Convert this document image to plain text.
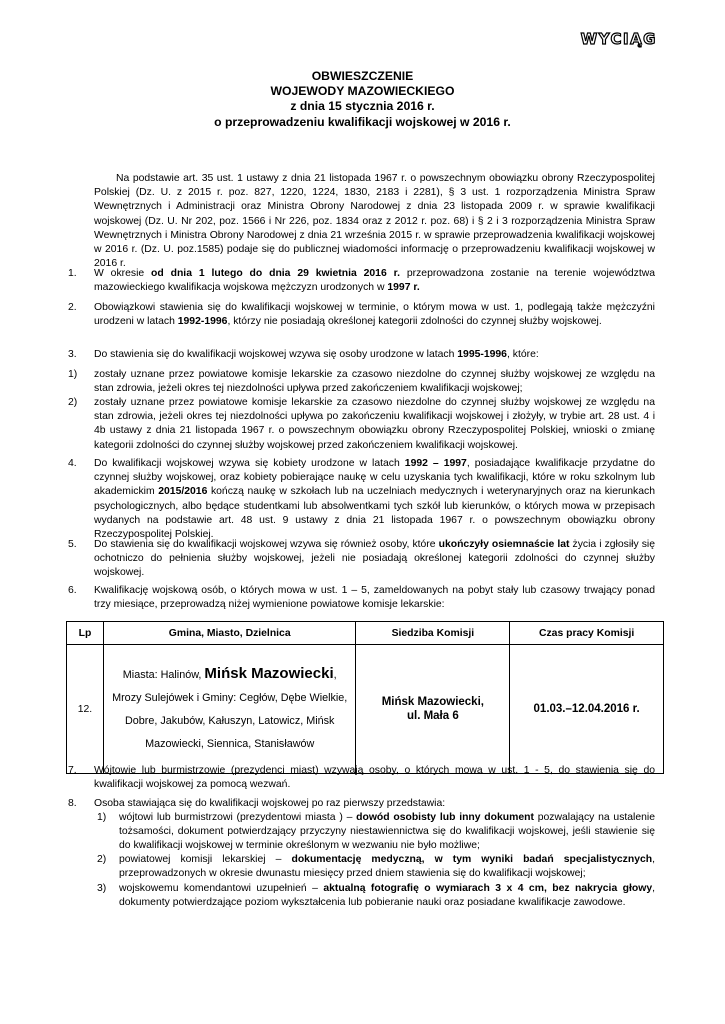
WYCIĄG
OBWIESZCZENIE
WOJEWODY MAZOWIECKIEGO
z dnia 15 stycznia 2016 r.
o przeprowadzeniu kwalifikacji wojskowej w 2016 r.

Na podstawie art. 35 ust. 1 ustawy z dnia 21 listopada 1967 r. o powszechnym obowiązku obrony Rzeczypospolitej Polskiej (Dz. U. z 2015 r. poz. 827, 1220, 1224, 1830, 2183 i 2281), § 3 ust. 1 rozporządzenia Ministra Spraw Wewnętrznych i Administracji oraz Ministra Obrony Narodowej z dnia 23 listopada 2009 r. w sprawie kwalifikacji wojskowej (Dz. U. Nr 202, poz. 1566 i Nr 226, poz. 1834 oraz z 2012 r. poz. 68) i § 2 i 3 rozporządzenia Ministra Spraw Wewnętrznych i Ministra Obrony Narodowej z dnia 21 września 2015 r. w sprawie przeprowadzenia kwalifikacji wojskowej w 2016 r. (Dz. U. poz.1585) podaje się do publicznej wiadomości informację o przeprowadzeniu kwalifikacji wojskowej w 2016 r.

1. W okresie od dnia 1 lutego do dnia 29 kwietnia 2016 r. przeprowadzona zostanie na terenie województwa mazowieckiego kwalifikacja wojskowa mężczyzn urodzonych w 1997 r.
2. Obowiązkowi stawienia się do kwalifikacji wojskowej w terminie, o którym mowa w ust. 1, podlegają także mężczyźni urodzeni w latach 1992-1996, którzy nie posiadają określonej kategorii zdolności do czynnej służby wojskowej.
3. Do stawienia się do kwalifikacji wojskowej wzywa się osoby urodzone w latach 1995-1996, które:
1) zostały uznane przez powiatowe komisje lekarskie za czasowo niezdolne do czynnej służby wojskowej ze względu na stan zdrowia, jeżeli okres tej niezdolności upływa przed zakończeniem kwalifikacji wojskowej;
2) zostały uznane przez powiatowe komisje lekarskie za czasowo niezdolne do czynnej służby wojskowej ze względu na stan zdrowia, jeżeli okres tej niezdolności upływa po zakończeniu kwalifikacji wojskowej i złożyły, w trybie art. 28 ust. 4 i 4b ustawy z dnia 21 listopada 1967 r. o powszechnym obowiązku obrony Rzeczypospolitej Polskiej, wnioski o zmianę kategorii zdolności do czynnej służby wojskowej przed zakończeniem kwalifikacji wojskowej.
4. Do kwalifikacji wojskowej wzywa się kobiety urodzone w latach 1992 – 1997, posiadające kwalifikacje przydatne do czynnej służby wojskowej, oraz kobiety pobierające naukę w celu uzyskania tych kwalifikacji, które w roku szkolnym lub akademickim 2015/2016 kończą naukę w szkołach lub na uczelniach medycznych i weterynaryjnych oraz na kierunkach psychologicznych, albo będące studentkami lub absolwentkami tych szkół lub kierunków, o których mowa w przepisach wydanych na podstawie art. 48 ust. 9 ustawy z dnia 21 listopada 1967 r. o powszechnym obowiązku obrony Rzeczypospolitej Polskiej.
5. Do stawienia się do kwalifikacji wojskowej wzywa się również osoby, które ukończyły osiemnaście lat życia i zgłosiły się ochotniczo do pełnienia służby wojskowej, jeżeli nie posiadają określonej kategorii zdolności do czynnej służby wojskowej.
6. Kwalifikację wojskową osób, o których mowa w ust. 1 – 5, zameldowanych na pobyt stały lub czasowy trwający ponad trzy miesiące, przeprowadzą niżej wymienione powiatowe komisje lekarskie:
Lp	Gmina, Miasto, Dzielnica	Siedziba Komisji	Czas pracy Komisji
12.	Miasta: Halinów, Mińsk Mazowiecki, Mrozy Sulejówek i Gminy: Cegłów, Dębe Wielkie, Dobre, Jakubów, Kałuszyn, Latowicz, Mińsk Mazowiecki, Siennica, Stanisławów	Mińsk Mazowiecki,
ul. Mała 6	01.03.–12.04.2016 r.
7. Wójtowie lub burmistrzowie (prezydenci miast) wzywają osoby, o których mowa w ust. 1 - 5, do stawienia się do kwalifikacji wojskowej za pomocą wezwań.
8. Osoba stawiająca się do kwalifikacji wojskowej po raz pierwszy przedstawia:
1) wójtowi lub burmistrzowi (prezydentowi miasta ) – dowód osobisty lub inny dokument pozwalający na ustalenie tożsamości, dokument potwierdzający przyczyny niestawiennictwa się do kwalifikacji wojskowej, jeśli stawienie się do kwalifikacji wojskowej w terminie określonym w wezwaniu nie było możliwe;
2) powiatowej komisji lekarskiej – dokumentację medyczną, w tym wyniki badań specjalistycznych, przeprowadzonych w okresie dwunastu miesięcy przed dniem stawienia się do kwalifikacji wojskowej;
3) wojskowemu komendantowi uzupełnień – aktualną fotografię o wymiarach 3 x 4 cm, bez nakrycia głowy, dokumenty potwierdzające poziom wykształcenia lub pobieranie nauki oraz posiadane kwalifikacje zawodowe.
